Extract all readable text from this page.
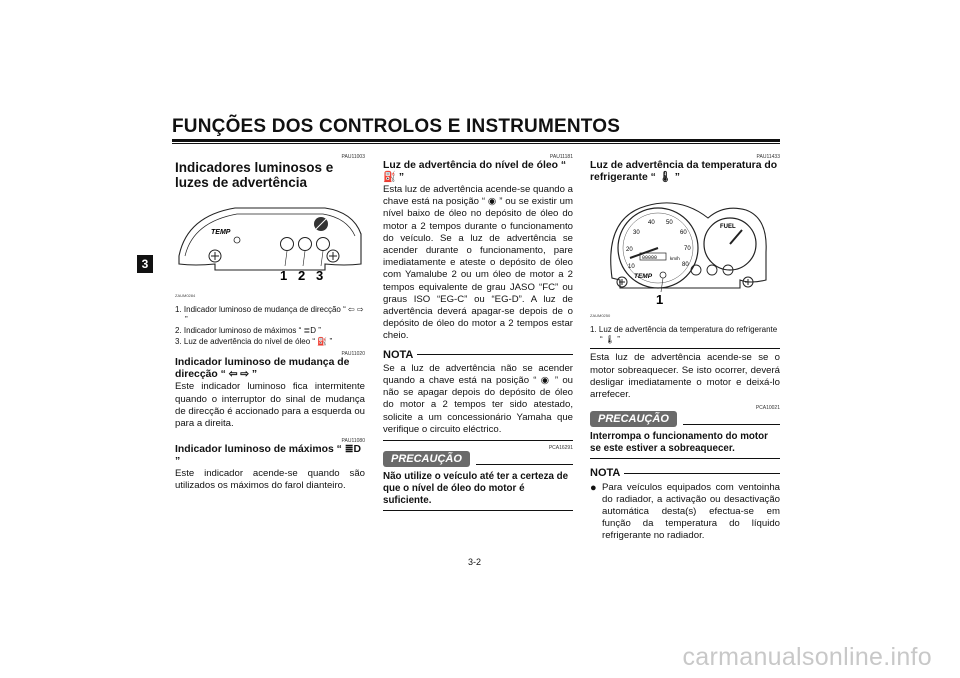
FUNÇÕES DOS CONTROLOS E INSTRUMENTOS
3
PAU11003
Indicadores luminosos e luzes de advertência
TEMP
1 2 3
ZAUM0284
1. Indicador luminoso de mudança de direcção “ ⇦ ⇨ ”
2. Indicador luminoso de máximos “ ≣D ”
3. Luz de advertência do nível de óleo “ ⛽ ”
PAU11020
Indicador luminoso de mudança de direcção “ ⇦ ⇨ ”

Este indicador luminoso fica intermitente quando o interruptor do sinal de mudança de direcção é accionado para a esquerda ou para a direita.

PAU11080
Indicador luminoso de máximos “ ≣D ”

Este indicador acende-se quando são utilizados os máximos do farol dianteiro.

PAU11181
Luz de advertência do nível de óleo “ ⛽ ”

Esta luz de advertência acende-se quando a chave está na posição “ ◉ ” ou se existir um nível baixo de óleo no depósito de óleo do motor a 2 tempos durante o funcionamento do veículo. Se a luz de advertência se acender durante o funcionamento, pare imediatamente e ateste o depósito de óleo com Yamalube 2 ou um óleo de motor a 2 tempos equivalente de grau JASO “FC” ou graus ISO “EG-C” ou “EG-D”. A luz de advertência deverá apagar-se depois de o depósito de óleo do motor a 2 tempos estar cheio.

NOTA

Se a luz de advertência não se acender quando a chave está na posição “ ◉ ” ou não se apagar depois do depósito de óleo do motor a 2 tempos ter sido atestado, solicite a um concessionário Yamaha que verifique o circuito eléctrico.

PCA16291
PRECAUÇÃO
Não utilize o veículo até ter a certeza de que o nível de óleo do motor é suficiente.
PAU11433
Luz de advertência da temperatura do refrigerante “ 🌡 ”
10
20
30
40 50
60
70
80
00000	km/h
TEMP
FUEL
1
ZAUM0250
1. Luz de advertência da temperatura do refrigerante “ 🌡 ”

Esta luz de advertência acende-se se o motor sobreaquecer. Se isto ocorrer, deverá desligar imediatamente o motor e deixá-lo arrefecer.

PCA10021
PRECAUÇÃO
Interrompa o funcionamento do motor se este estiver a sobreaquecer.
NOTA
● Para veículos equipados com ventoinha do radiador, a activação ou desactivação automática desta(s) efectua-se em função da temperatura do líquido refrigerante no radiador.

3-2
carmanualsonline.info
